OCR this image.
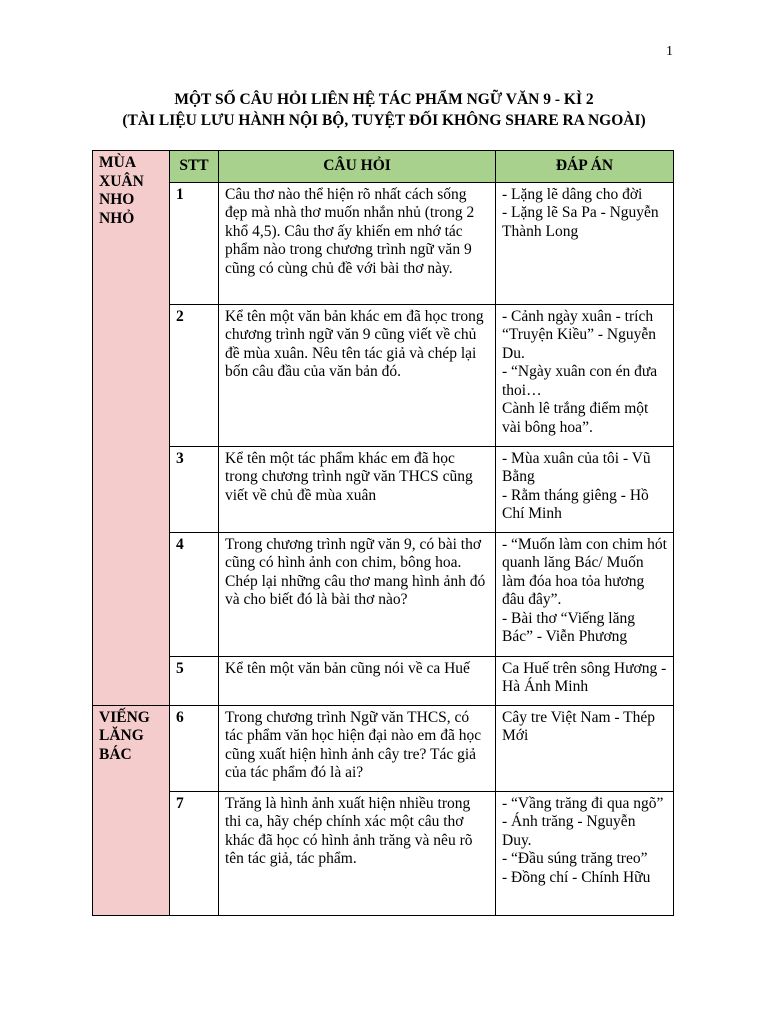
1
MỘT SỐ CÂU HỎI LIÊN HỆ TÁC PHẨM NGỮ VĂN 9 - KÌ 2
(TÀI LIỆU LƯU HÀNH NỘI BỘ, TUYỆT ĐỐI KHÔNG SHARE RA NGOÀI)
MÙA XUÂN NHO NHỎ	STT	CÂU HỎI	ĐÁP ÁN
	1	Câu thơ nào thể hiện rõ nhất cách sống đẹp mà nhà thơ muốn nhắn nhủ (trong 2 khổ 4,5). Câu thơ ấy khiến em nhớ tác phẩm nào trong chương trình ngữ văn 9 cũng có cùng chủ đề với bài thơ này.	- Lặng lẽ dâng cho đời
- Lặng lẽ Sa Pa - Nguyễn Thành Long

	2	Kể tên một văn bản khác em đã học trong chương trình ngữ văn 9 cũng viết về chủ đề mùa xuân. Nêu tên tác giả và chép lại bốn câu đầu của văn bản đó.	- Cảnh ngày xuân - trích “Truyện Kiều” - Nguyễn Du.
- “Ngày xuân con én đưa thoi…
Cành lê trắng điểm một vài bông hoa”.

	3	Kể tên một tác phẩm khác em đã học trong chương trình ngữ văn THCS cũng viết về chủ đề mùa xuân	- Mùa xuân của tôi - Vũ Bằng
- Rằm tháng giêng - Hồ Chí Minh

	4	Trong chương trình ngữ văn 9, có bài thơ cũng có hình ảnh con chim, bông hoa. Chép lại những câu thơ mang hình ảnh đó và cho biết đó là bài thơ nào?	- “Muốn làm con chim hót quanh lăng Bác/ Muốn làm đóa hoa tỏa hương đâu đây”.
- Bài thơ “Viếng lăng Bác” - Viễn Phương

	5	Kể tên một văn bản cũng nói về ca Huế	Ca Huế trên sông Hương - Hà Ánh Minh

VIẾNG LĂNG BÁC	6	Trong chương trình Ngữ văn THCS, có tác phẩm văn học hiện đại nào em đã học cũng xuất hiện hình ảnh cây tre? Tác giả của tác phẩm đó là ai?	Cây tre Việt Nam - Thép Mới

	7	Trăng là hình ảnh xuất hiện nhiều trong thi ca, hãy chép chính xác một câu thơ khác đã học có hình ảnh trăng và nêu rõ tên tác giả, tác phẩm.	- “Vầng trăng đi qua ngõ” - Ánh trăng - Nguyễn Duy.
- “Đầu súng trăng treo”
- Đồng chí - Chính Hữu
